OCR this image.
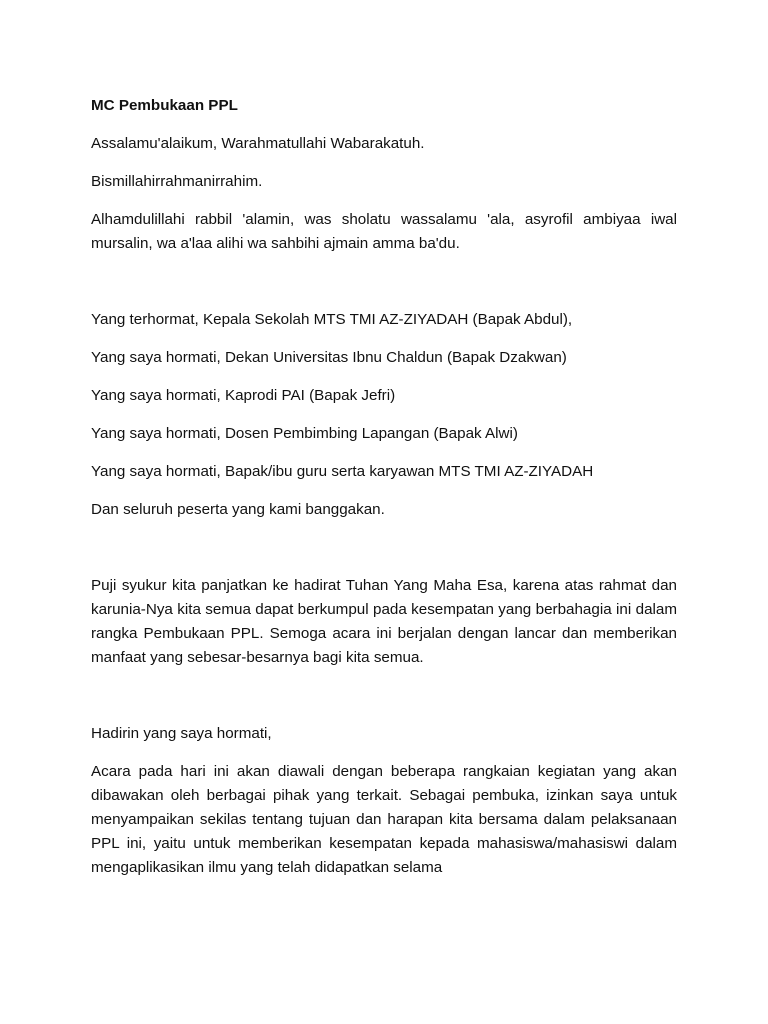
MC Pembukaan PPL
Assalamu'alaikum, Warahmatullahi Wabarakatuh.
Bismillahirrahmanirrahim.
Alhamdulillahi rabbil 'alamin, was sholatu wassalamu 'ala, asyrofil ambiyaa iwal mursalin, wa a'laa alihi wa sahbihi ajmain amma ba'du.
Yang terhormat, Kepala Sekolah MTS TMI AZ-ZIYADAH (Bapak Abdul),
Yang saya hormati, Dekan Universitas Ibnu Chaldun (Bapak Dzakwan)
Yang saya hormati, Kaprodi PAI (Bapak Jefri)
Yang saya hormati, Dosen Pembimbing Lapangan (Bapak Alwi)
Yang saya hormati, Bapak/ibu guru serta karyawan MTS TMI AZ-ZIYADAH
Dan seluruh peserta yang kami banggakan.
Puji syukur kita panjatkan ke hadirat Tuhan Yang Maha Esa, karena atas rahmat dan karunia-Nya kita semua dapat berkumpul pada kesempatan yang berbahagia ini dalam rangka Pembukaan PPL. Semoga acara ini berjalan dengan lancar dan memberikan manfaat yang sebesar-besarnya bagi kita semua.
Hadirin yang saya hormati,
Acara pada hari ini akan diawali dengan beberapa rangkaian kegiatan yang akan dibawakan oleh berbagai pihak yang terkait. Sebagai pembuka, izinkan saya untuk menyampaikan sekilas tentang tujuan dan harapan kita bersama dalam pelaksanaan PPL ini, yaitu untuk memberikan kesempatan kepada mahasiswa/mahasiswi dalam mengaplikasikan ilmu yang telah didapatkan selama
